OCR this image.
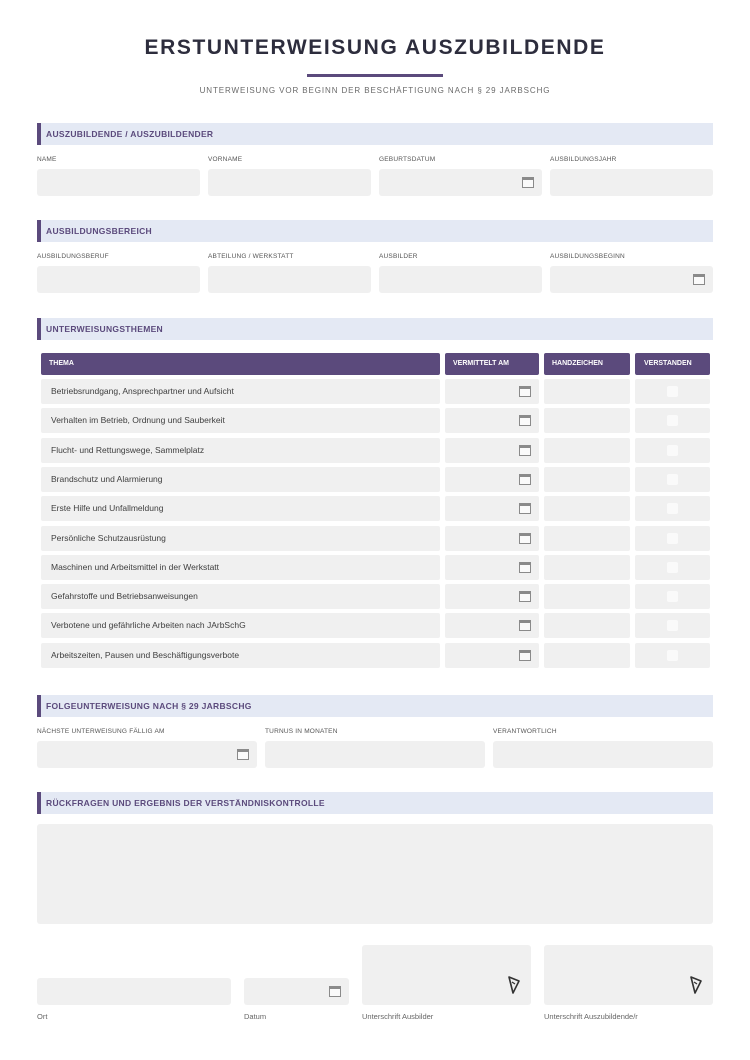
ERSTUNTERWEISUNG AUSZUBILDENDE
UNTERWEISUNG VOR BEGINN DER BESCHÄFTIGUNG NACH § 29 JARBSCHG
AUSZUBILDENDE / AUSZUBILDENDER
NAME	VORNAME	GEBURTSDATUM	AUSBILDUNGSJAHR
AUSBILDUNGSBEREICH
AUSBILDUNGSBERUF	ABTEILUNG / WERKSTATT	AUSBILDER	AUSBILDUNGSBEGINN
UNTERWEISUNGSTHEMEN
THEMA	VERMITTELT AM	HANDZEICHEN	VERSTANDEN
Betriebsrundgang, Ansprechpartner und Aufsicht
Verhalten im Betrieb, Ordnung und Sauberkeit
Flucht- und Rettungswege, Sammelplatz
Brandschutz und Alarmierung
Erste Hilfe und Unfallmeldung
Persönliche Schutzausrüstung
Maschinen und Arbeitsmittel in der Werkstatt
Gefahrstoffe und Betriebsanweisungen
Verbotene und gefährliche Arbeiten nach JArbSchG
Arbeitszeiten, Pausen und Beschäftigungsverbote
FOLGEUNTERWEISUNG NACH § 29 JARBSCHG
NÄCHSTE UNTERWEISUNG FÄLLIG AM	TURNUS IN MONATEN	VERANTWORTLICH
RÜCKFRAGEN UND ERGEBNIS DER VERSTÄNDNISKONTROLLE
Ort	Datum	Unterschrift Ausbilder	Unterschrift Auszubildende/r
